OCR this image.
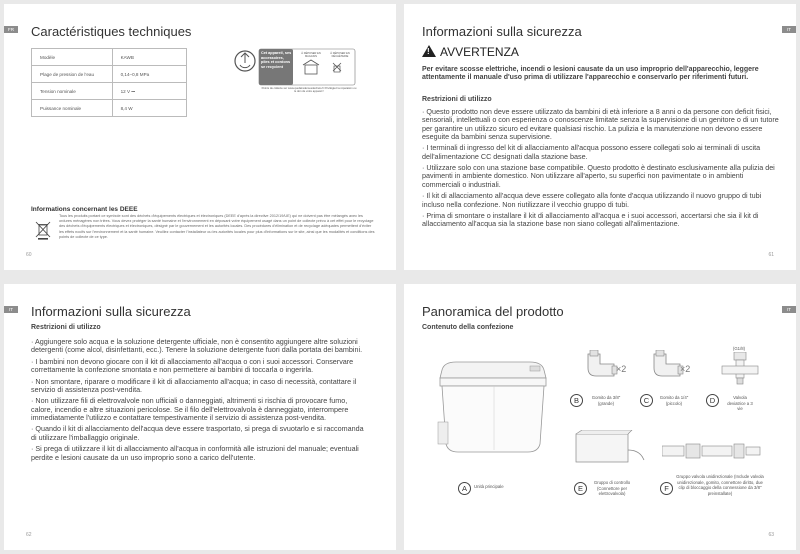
FR	Caractéristiques techniques
Modèle	KAWB
Plage de pression de l'eau	0,14–0,8 MPa
Tension nominale	12 V ⎓
Puissance nominale	8,4 W
Cet appareil, ses accessoires, piles et cordons se recyclent
À DÉPOSER EN MAGASIN
À DÉPOSER EN DÉCHÈTERIE
Points de collecte sur www.quefairedemesdechets.fr Privilégiez la réparation ou le don de votre appareil !
Informations concernant les DEEE
Tous les produits portant ce symbole sont des déchets d'équipements électriques et électroniques (DEEE d'après la directive 2012/19/UE) qui ne doivent pas être mélangés avec les ordures ménagères non triées. Vous devez protéger la santé humaine et l'environnement en déposant votre équipement usagé dans un point de collecte prévu à cet effet pour le recyclage des déchets d'équipements électriques et électroniques, désigné par le gouvernement et les autorités locales. Des procédures d'élimination et de recyclage adéquates permettent d'éviter les effets nocifs sur l'environnement et la santé humaine. Veuillez contacter l'installateur ou les autorités locales pour plus d'informations sur le site, ainsi que les modalités et conditions des points de collecte de ce type.
60
IT
Informazioni sulla sicurezza
! AVVERTENZA
Per evitare scosse elettriche, incendi o lesioni causate da un uso improprio dell'apparecchio, leggere attentamente il manuale d'uso prima di utilizzare l'apparecchio e conservarlo per riferimenti futuri.
Restrizioni di utilizzo

· Questo prodotto non deve essere utilizzato da bambini di età inferiore a 8 anni o da persone con deficit fisici, sensoriali, intellettuali o con esperienza o conoscenze limitate senza la supervisione di un genitore o di un tutore per garantire un utilizzo sicuro ed evitare qualsiasi rischio. La pulizia e la manutenzione non devono essere eseguite da bambini senza supervisione.

· I terminali di ingresso del kit di allacciamento all'acqua possono essere collegati solo ai terminali di uscita dell'alimentazione CC designati dalla stazione base.

· Utilizzare solo con una stazione base compatibile. Questo prodotto è destinato esclusivamente alla pulizia dei pavimenti in ambiente domestico. Non utilizzare all'aperto, su superfici non pavimentate o in ambienti commerciali o industriali.

· Il kit di allacciamento all'acqua deve essere collegato alla fonte d'acqua utilizzando il nuovo gruppo di tubi incluso nella confezione. Non riutilizzare il vecchio gruppo di tubi.

· Prima di smontare o installare il kit di allacciamento all'acqua e i suoi accessori, accertarsi che sia il kit di allacciamento all'acqua sia la stazione base non siano collegati all'alimentazione.

61
IT	Informazioni sulla sicurezza
Restrizioni di utilizzo

· Aggiungere solo acqua e la soluzione detergente ufficiale, non è consentito aggiungere altre soluzioni detergenti (come alcol, disinfettanti, ecc.). Tenere la soluzione detergente fuori dalla portata dei bambini.

· I bambini non devono giocare con il kit di allacciamento all'acqua o con i suoi accessori. Conservare correttamente la confezione smontata e non permettere ai bambini di toccarla o ingerirla.

· Non smontare, riparare o modificare il kit di allacciamento all'acqua; in caso di necessità, contattare il servizio di assistenza post-vendita.

· Non utilizzare fili di elettrovalvole non ufficiali o danneggiati, altrimenti si rischia di provocare fumo, calore, incendio e altre situazioni pericolose. Se il filo dell'elettrovalvola è danneggiato, interrompere immediatamente l'utilizzo e contattare tempestivamente il servizio di assistenza post-vendita.

· Quando il kit di allacciamento dell'acqua deve essere trasportato, si prega di svuotarlo e si raccomanda di utilizzare l'imballaggio originale.

· Si prega di utilizzare il kit di allacciamento all'acqua in conformità alle istruzioni del manuale; eventuali perdite e lesioni causate da un uso improprio sono a carico dell'utente.

62
IT
Panoramica del prodotto
Contenuto della confezione
A	Unità principale
×2
B	Gomito da 3/8" (grande)
×2
C	Gomito da 1/4" (piccolo)
(G1/8)
D	Valvola deviatrice a 3 vie
E
Gruppo di controllo (Connettore per elettrovalvola)
F
Gruppo valvola unidirezionale (Include valvola unidirezionale, gomito, connettore diritto, due clip di bloccaggio della connessione da 3/8" preinstallate)
63
